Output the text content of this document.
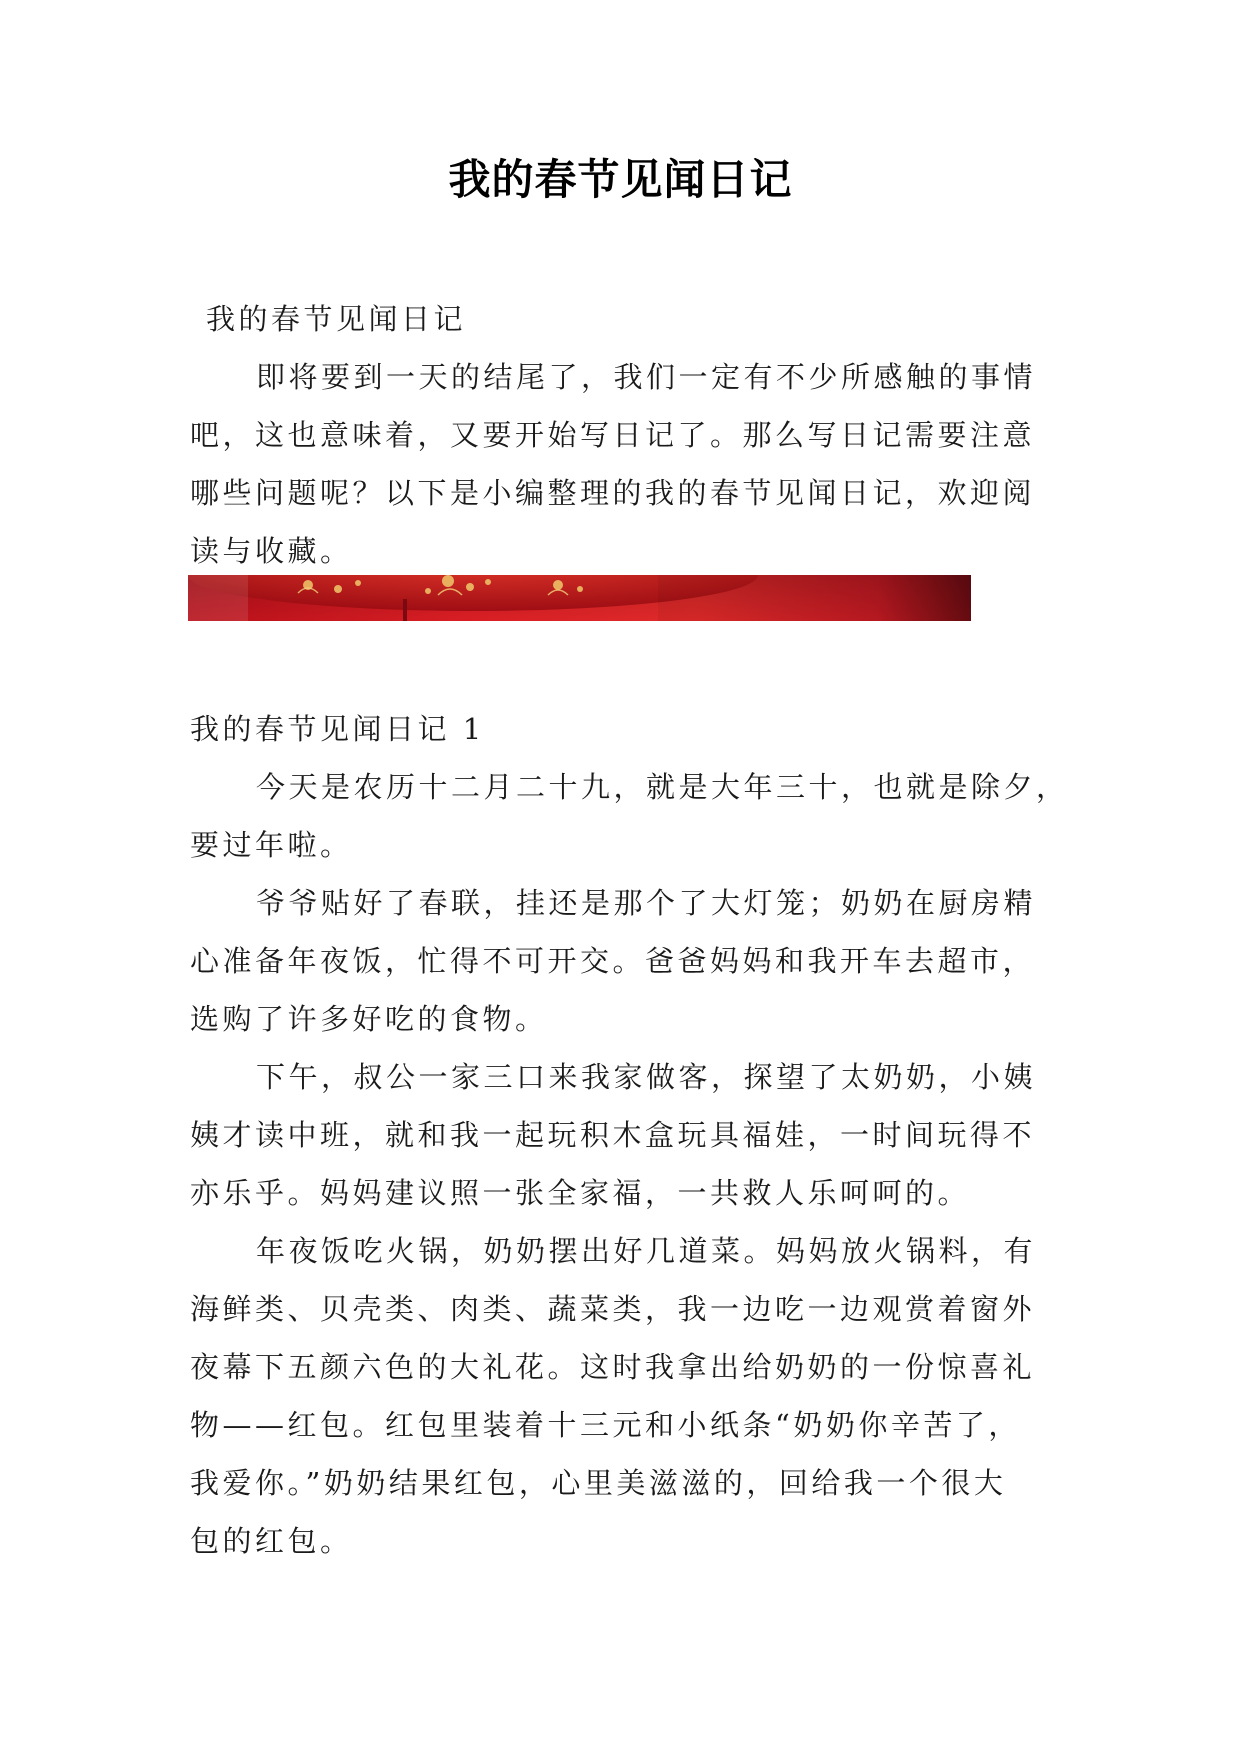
我的春节见闻日记

我的春节见闻日记

即将要到一天的结尾了，我们一定有不少所感触的事情

吧，这也意味着，又要开始写日记了。那么写日记需要注意

哪些问题呢？以下是小编整理的我的春节见闻日记，欢迎阅

读与收藏。

我的春节见闻日记 1

今天是农历十二月二十九，就是大年三十，也就是除夕，

要过年啦。

爷爷贴好了春联，挂还是那个了大灯笼；奶奶在厨房精

心准备年夜饭，忙得不可开交。爸爸妈妈和我开车去超市，

选购了许多好吃的食物。

下午，叔公一家三口来我家做客，探望了太奶奶，小姨

姨才读中班，就和我一起玩积木盒玩具福娃，一时间玩得不

亦乐乎。妈妈建议照一张全家福，一共救人乐呵呵的。

年夜饭吃火锅，奶奶摆出好几道菜。妈妈放火锅料，有

海鲜类、贝壳类、肉类、蔬菜类，我一边吃一边观赏着窗外

夜幕下五颜六色的大礼花。这时我拿出给奶奶的一份惊喜礼

物——红包。红包里装着十三元和小纸条“奶奶你辛苦了，

我爱你。”奶奶结果红包，心里美滋滋的，回给我一个很大

包的红包。
